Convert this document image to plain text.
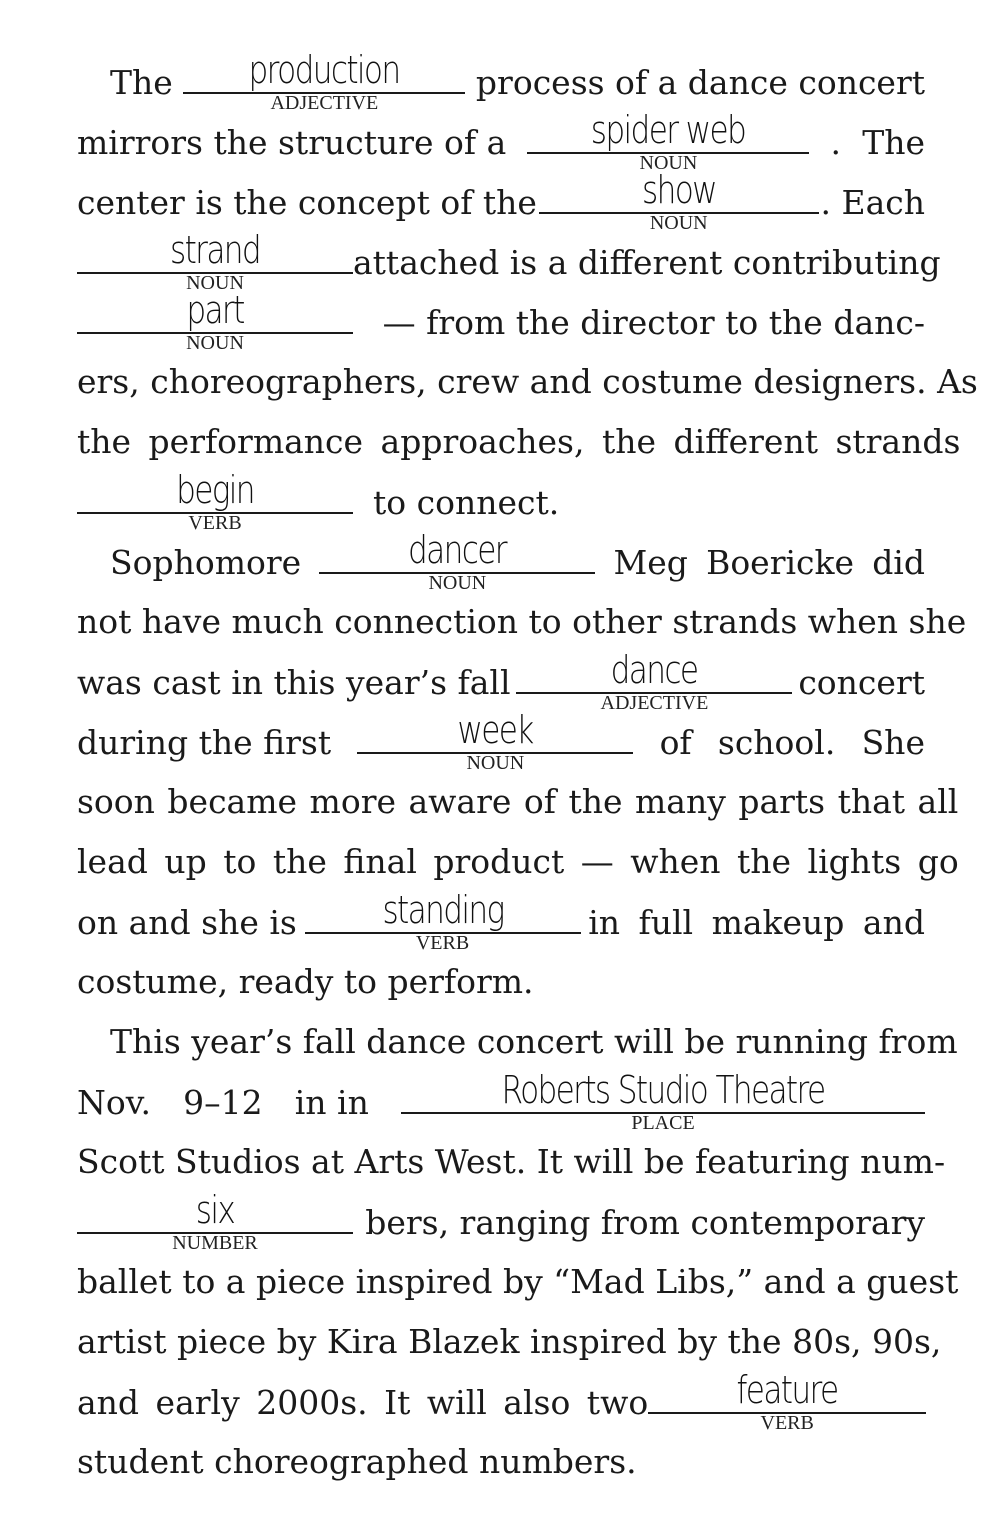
The	production
ADJECTIVE
process of a dance concert
mirrors the structure of a	spider web
NOUN
. The
center is the concept of the	show
NOUN
. Each
strand
NOUN
attached is a different contributing
part
NOUN
— from the director to the danc-
ers, choreographers, crew and costume designers. As
the performance approaches, the different strands
begin
VERB
to connect.
Sophomore	dancer
NOUN
Meg Boericke did
not have much connection to other strands when she
was cast in this year’s fall	dance
ADJECTIVE
concert
during the first	week
NOUN
of school. She
soon became more aware of the many parts that all
lead up to the final product — when the lights go
on and she is	standing
VERB
in full makeup and
costume, ready to perform.
This year’s fall dance concert will be running from
Nov. 9–12 in in	Roberts Studio Theatre
PLACE
Scott Studios at Arts West. It will be featuring num-
six
NUMBER
bers, ranging from contemporary
ballet to a piece inspired by “Mad Libs,” and a guest
artist piece by Kira Blazek inspired by the 80s, 90s,
and early 2000s. It will also two	feature
VERB
student choreographed numbers.
